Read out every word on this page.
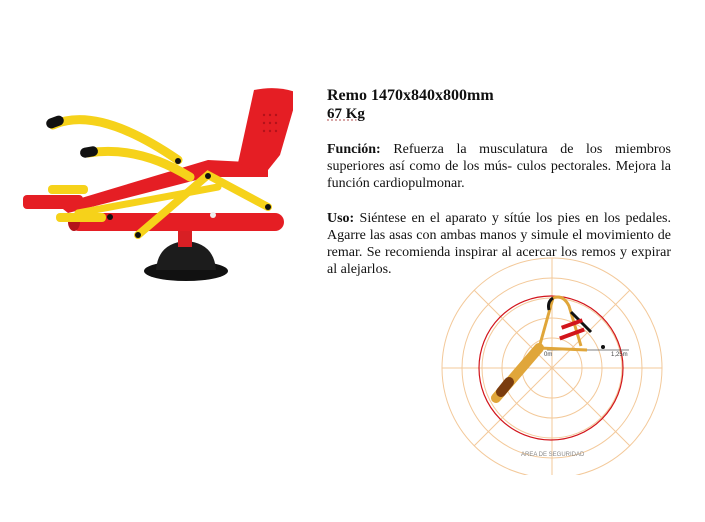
Remo 1470x840x800mm
67 Kg
Función: Refuerza la musculatura de los miembros superiores así como de los mús- culos pectorales. Mejora la función cardiopulmonar.
Uso: Siéntese en el aparato y sítúe los pies en los pedales. Agarre las asas con ambas manos y simule el movimiento de remar. Se recomienda inspirar al acercar los remos y expirar al alejarlos.
0m	1,25m
AREA DE SEGURIDAD
